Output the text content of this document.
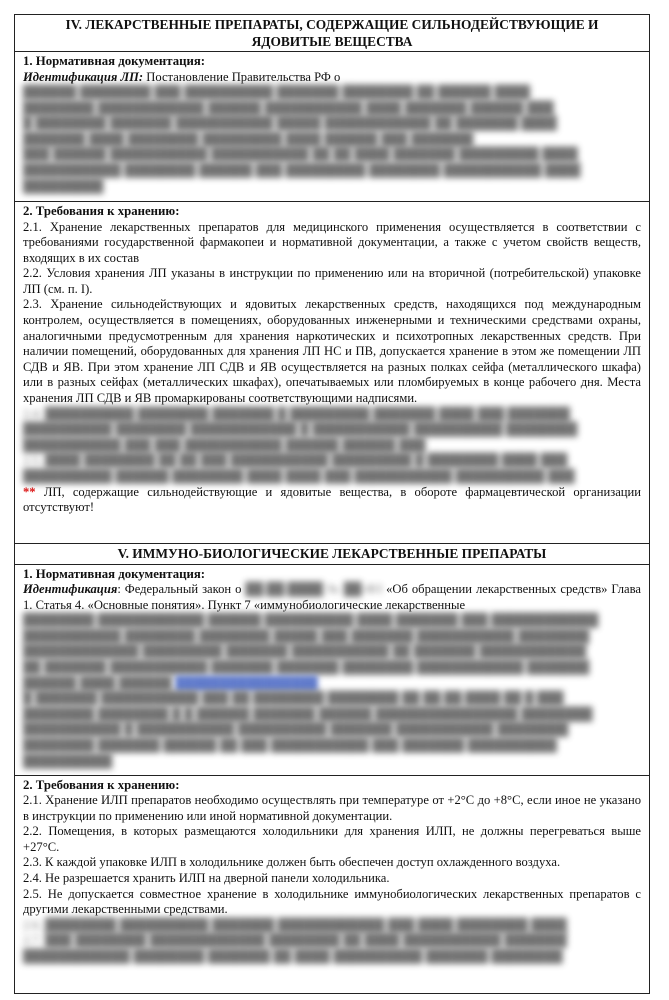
IV. ЛЕКАРСТВЕННЫЕ ПРЕПАРАТЫ, СОДЕРЖАЩИЕ СИЛЬНОДЕЙСТВУЮЩИЕ И ЯДОВИТЫЕ ВЕЩЕСТВА
1. Нормативная документация:

Идентификация ЛП: Постановление Правительства РФ о

██████ ████████ ███ ██████████ ███████ ████████ ██ ██████ ████

████████ ████████████ ██████ ███████████ ████ ███████ ██████ ███

█ ████████ ███████ ███████████ █████ ████████████ ██ ███████ ████

███████ ████ ████████ █████████ ████ ██████ ███ ███████

███ ██████ ███████████ ███████████ ██ ██ ████ ███████ █████████ ████

███████████ ████████ ██████ ███ █████████ ████████ ███████████ ████

█████████

2. Требования к хранению:

2.1. Хранение лекарственных препаратов для медицинского применения осуществляется в соответствии с требованиями государственной фармакопеи и нормативной документации, а также с учетом свойств веществ, входящих в их состав

2.2. Условия хранения ЛП указаны в инструкции по применению или на вторичной (потребительской) упаковке ЛП (см. п. I).

2.3. Хранение сильнодействующих и ядовитых лекарственных средств, находящихся под международным контролем, осуществляется в помещениях, оборудованных инженерными и техническими средствами охраны, аналогичными предусмотренным для хранения наркотических и психотропных лекарственных средств. При наличии помещений, оборудованных для хранения ЛП НС и ПВ, допускается хранение в этом же помещении ЛП СДВ и ЯВ. При этом хранение ЛП СДВ и ЯВ осуществляется на разных полках сейфа (металлического шкафа) или в разных сейфах (металлических шкафах), опечатываемых или пломбируемых в конце рабочего дня. Места хранения ЛП СДВ и ЯВ промаркированы соответствующими надписями.

2.4. ██████████ ████████ ███████ █ █████████ ███████ ████ ███ ███████

██████████ ████████ ████████████ █ ███████████ ██████████ ████████

███████████ ███ ███ ███████████ ██████ ██████ ███

2.5. ████ ████████ ██ ██ ███ ███████████ █████████ █ ████████ ████ ███

██████████ ██████ ████████ ████ ████ ███ ███████████ ██████████ ███

** ЛП, содержащие сильнодействующие и ядовитые вещества, в обороте фармацевтической организации отсутствуют!

V. ИММУНО-БИОЛОГИЧЕСКИЕ ЛЕКАРСТВЕННЫЕ ПРЕПАРАТЫ
1. Нормативная документация:

Идентификация: Федеральный закон о ██.██.████ № ██-ФЗ «Об обращении лекарственных средств» Глава 1. Статья 4. «Основные понятия». Пункт 7 «иммунобиологические лекарственные

████████ ████████████ ██████ ██████████ ████ ███████ ███ ████████████

███████████ ████████ ████████ █████ ███ ███████ ███████████ ████████

█████████████ █████████ ███████ ███████████ ██ ███████ ████████████

██ ███████ ███████████ ███████ ███████ ████████ ████████████ ███████

██████ ████ ██████ ████████████████

█ ███████ ███████████ ███ ██ ████████ ████████ ██ ██.██.████ ██ █ ███

████████ ████████ █ █ ██████ ███████ ██████ ████████████████ ████████

███████████ █ ███████████ ██████████ ███████ ███████████ ████████

████████ ███████ ██████ ██ ███ ███████████ ███ ███████ ██████████

██████████

2. Требования к хранению:

2.1. Хранение ИЛП препаратов необходимо осуществлять при температуре от +2°С до +8°С, если иное не указано в инструкции по применению или иной нормативной документации.

2.2. Помещения, в которых размещаются холодильники для хранения ИЛП, не должны перегреваться выше +27°С.

2.3. К каждой упаковке ИЛП в холодильнике должен быть обеспечен доступ охлажденного воздуха.

2.4. Не разрешается хранить ИЛП на дверной панели холодильника.

2.5. Не допускается совместное хранение в холодильнике иммунобиологических лекарственных препаратов с другими лекарственными средствами.

2.6. ████████ ██████████ ███████ ████████████ ███ ████ ████████ ████

2.7. ███ ████████ █████████████ ████████ ██ ████ ███████████ ███████

████████████ ████████ ███████ ██ ████ ██████████ ███████ ████████
